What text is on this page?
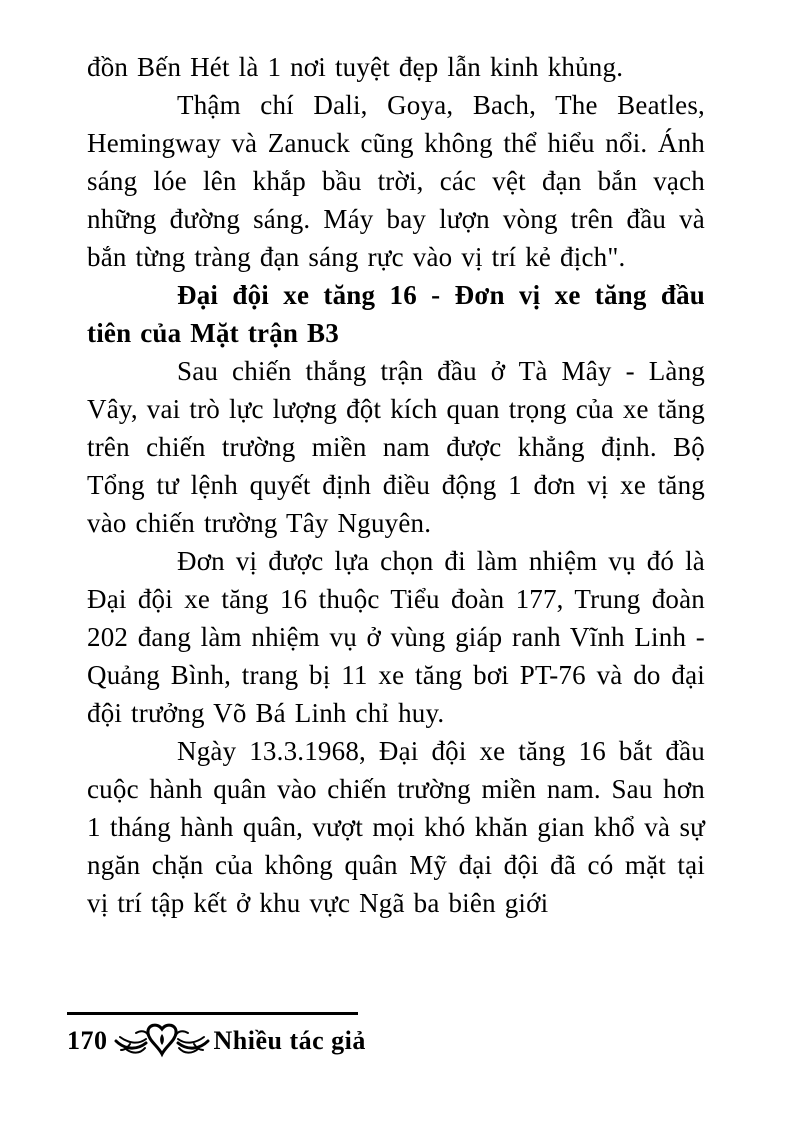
đồn Bến Hét là 1 nơi tuyệt đẹp lẫn kinh khủng.

Thậm chí Dali, Goya, Bach, The Beatles, Hemingway và Zanuck cũng không thể hiểu nổi. Ánh sáng lóe lên khắp bầu trời, các vệt đạn bắn vạch những đường sáng. Máy bay lượn vòng trên đầu và bắn từng tràng đạn sáng rực vào vị trí kẻ địch".

Đại đội xe tăng 16 - Đơn vị xe tăng đầu tiên của Mặt trận B3

Sau chiến thắng trận đầu ở Tà Mây - Làng Vây, vai trò lực lượng đột kích quan trọng của xe tăng trên chiến trường miền nam được khẳng định. Bộ Tổng tư lệnh quyết định điều động 1 đơn vị xe tăng vào chiến trường Tây Nguyên.

Đơn vị được lựa chọn đi làm nhiệm vụ đó là Đại đội xe tăng 16 thuộc Tiểu đoàn 177, Trung đoàn 202 đang làm nhiệm vụ ở vùng giáp ranh Vĩnh Linh - Quảng Bình, trang bị 11 xe tăng bơi PT-76 và do đại đội trưởng Võ Bá Linh chỉ huy.

Ngày 13.3.1968, Đại đội xe tăng 16 bắt đầu cuộc hành quân vào chiến trường miền nam. Sau hơn 1 tháng hành quân, vượt mọi khó khăn gian khổ và sự ngăn chặn của không quân Mỹ đại đội đã có mặt tại vị trí tập kết ở khu vực Ngã ba biên giới

170	Nhiều tác giả
